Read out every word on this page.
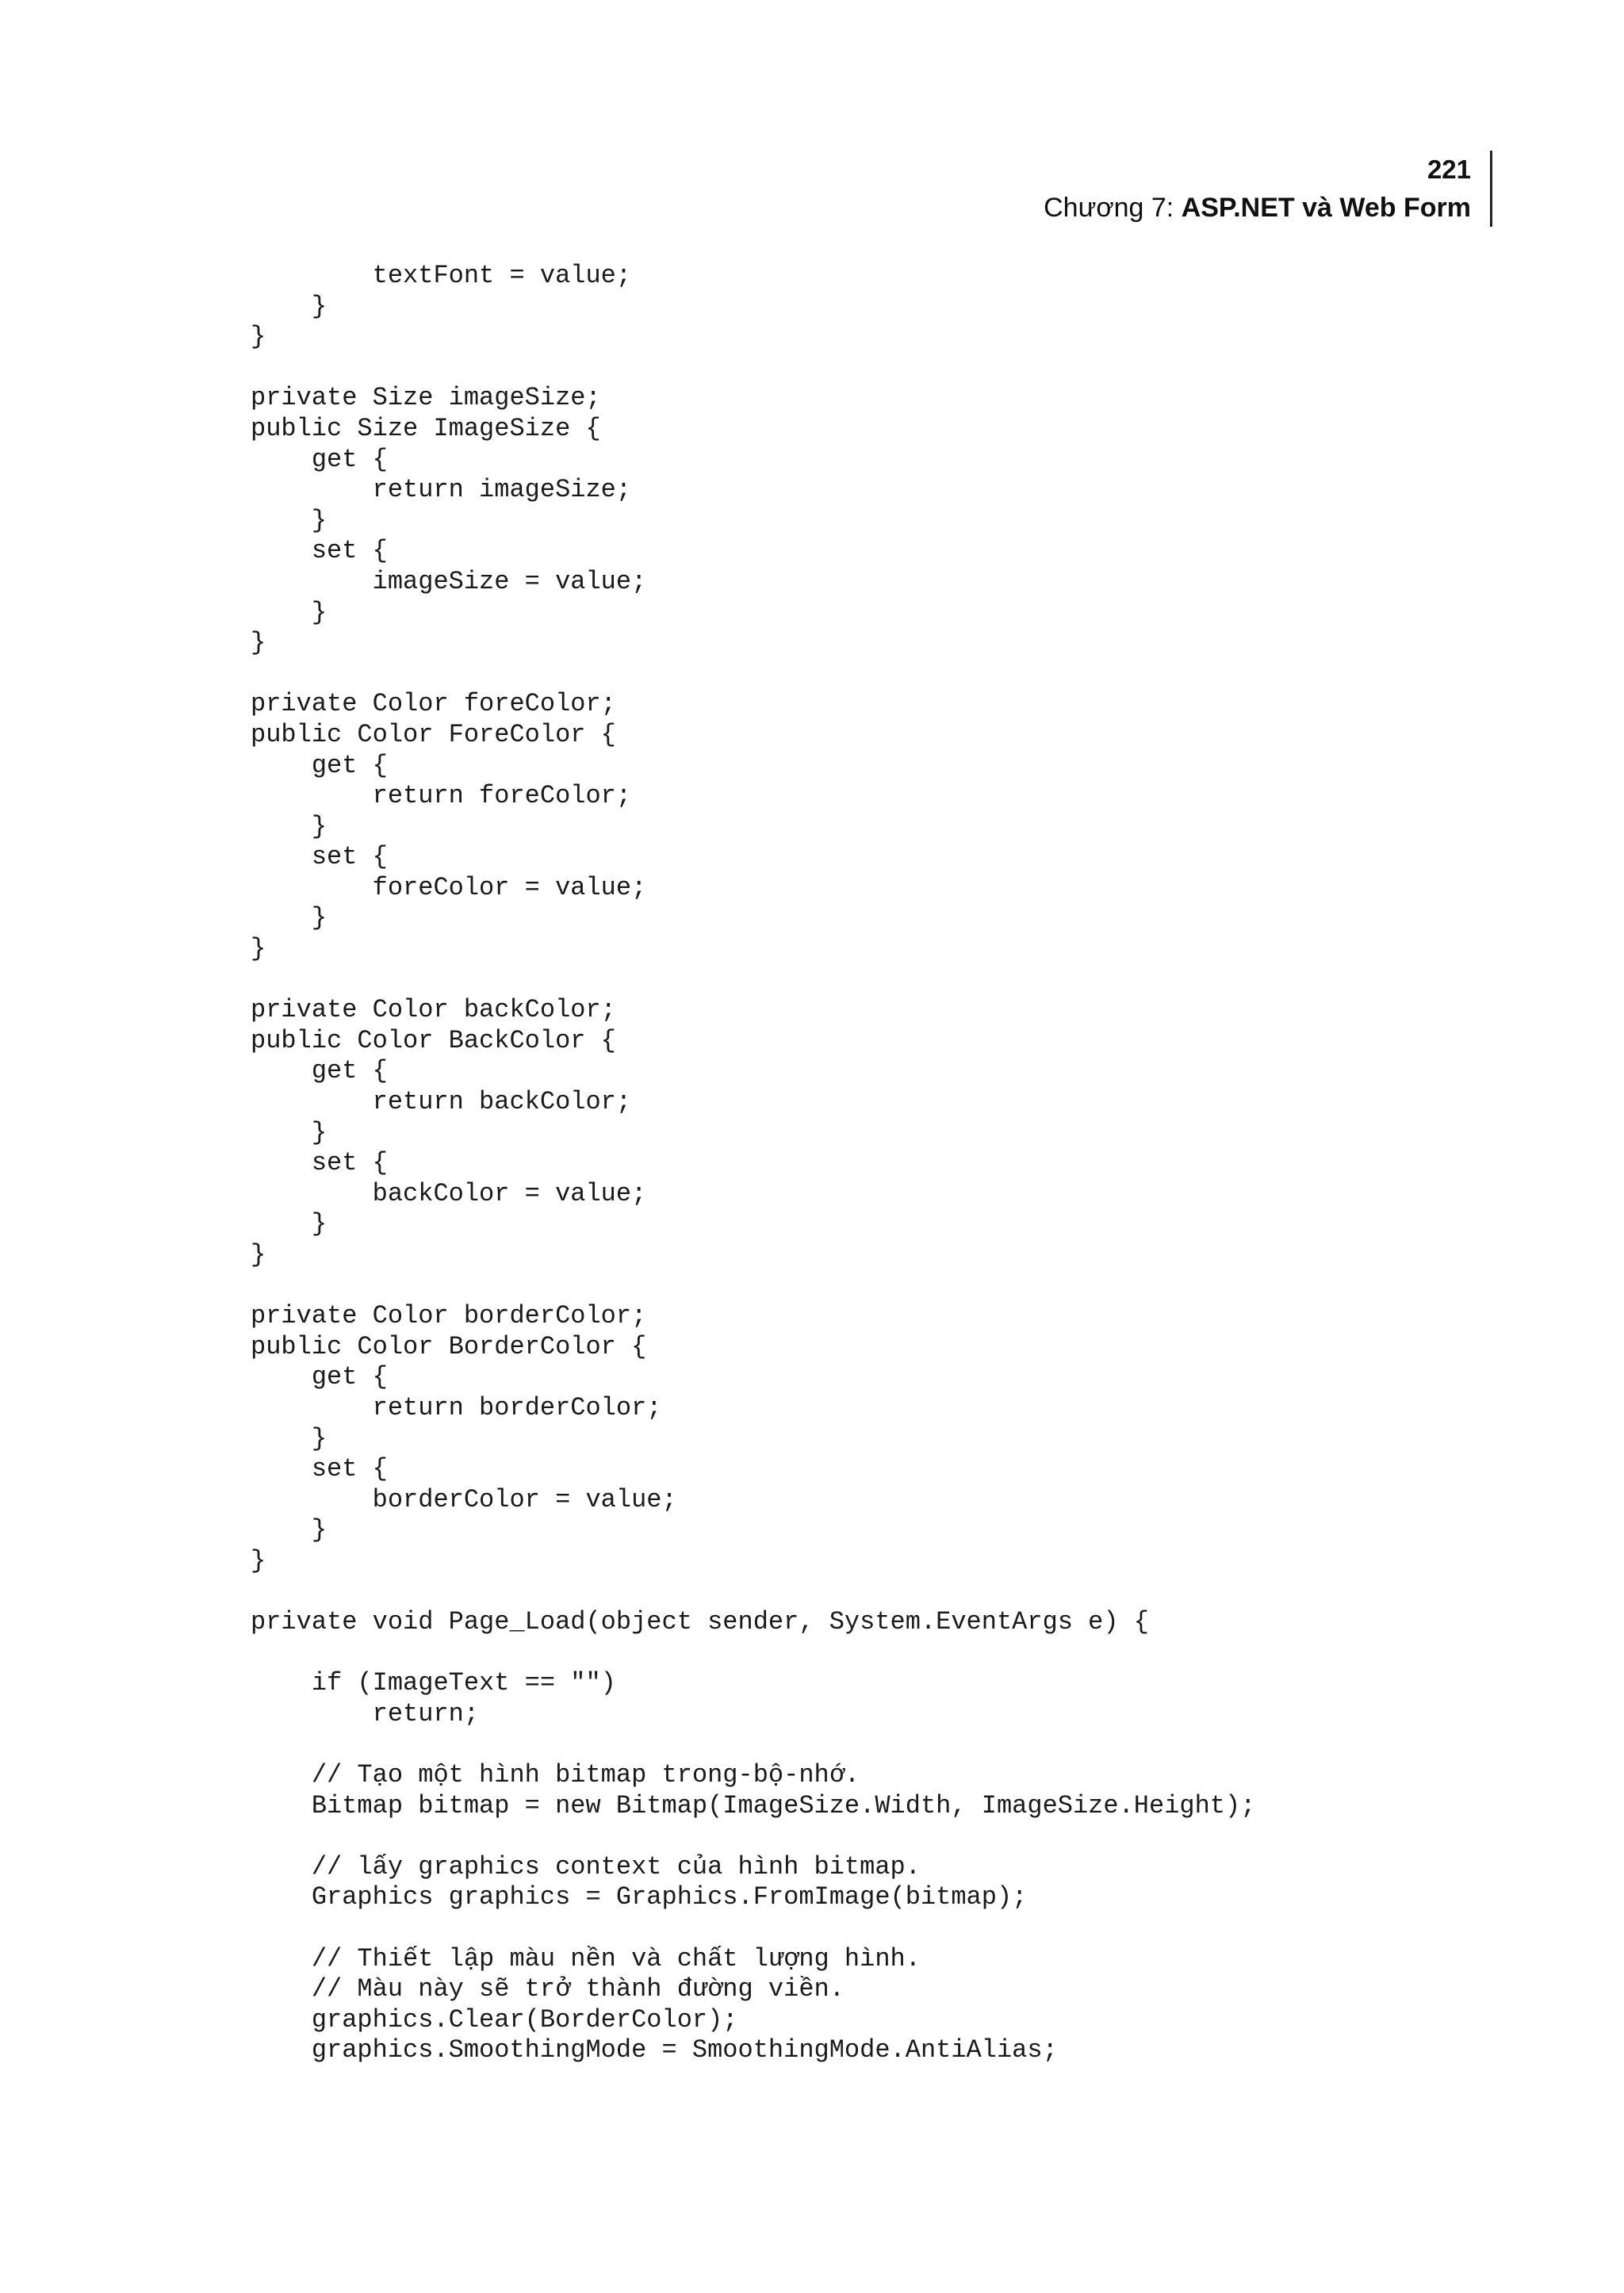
221
Chương 7: ASP.NET và Web Form
textFont = value;
}
}
private Size imageSize;
public Size ImageSize {
get {
return imageSize;
}
set {
imageSize = value;
}
}
private Color foreColor;
public Color ForeColor {
get {
return foreColor;
}
set {
foreColor = value;
}
}
private Color backColor;
public Color BackColor {
get {
return backColor;
}
set {
backColor = value;
}
}
private Color borderColor;
public Color BorderColor {
get {
return borderColor;
}
set {
borderColor = value;
}
}
private void Page_Load(object sender, System.EventArgs e) {
if (ImageText == "")
return;
// Tạo một hình bitmap trong-bộ-nhớ.
Bitmap bitmap = new Bitmap(ImageSize.Width, ImageSize.Height);
// lấy graphics context của hình bitmap.
Graphics graphics = Graphics.FromImage(bitmap);
// Thiết lập màu nền và chất lượng hình.
// Màu này sẽ trở thành đường viền.
graphics.Clear(BorderColor);
graphics.SmoothingMode = SmoothingMode.AntiAlias;
